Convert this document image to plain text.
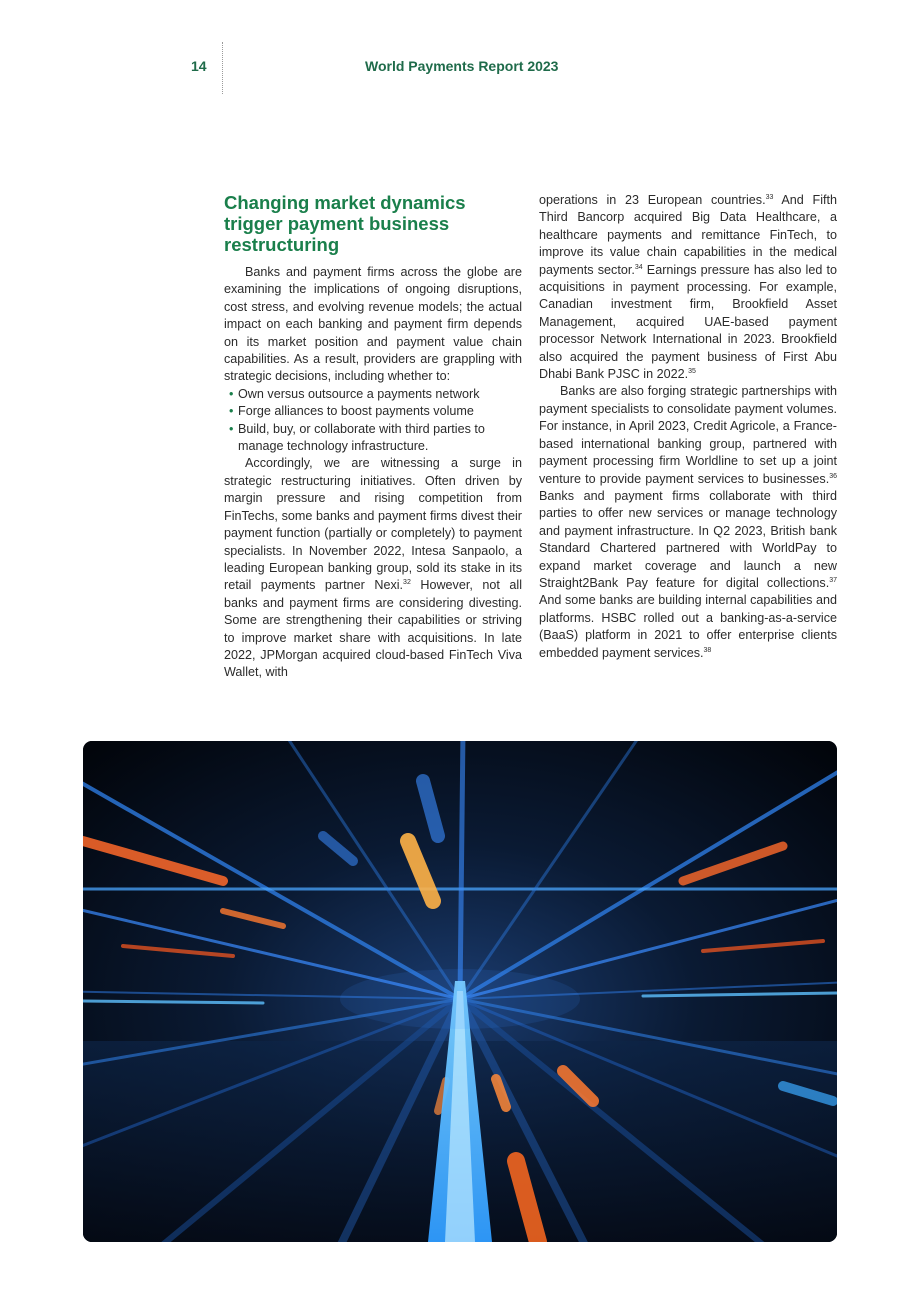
14	World Payments Report 2023
Changing market dynamics trigger payment business restructuring

Banks and payment firms across the globe are examining the implications of ongoing disruptions, cost stress, and evolving revenue models; the actual impact on each banking and payment firm depends on its market position and payment value chain capabilities. As a result, providers are grappling with strategic decisions, including whether to:

• Own versus outsource a payments network
• Forge alliances to boost payments volume
• Build, buy, or collaborate with third parties to manage technology infrastructure.

Accordingly, we are witnessing a surge in strategic restructuring initiatives. Often driven by margin pressure and rising competition from FinTechs, some banks and payment firms divest their payment function (partially or completely) to payment specialists. In November 2022, Intesa Sanpaolo, a leading European banking group, sold its stake in its retail payments partner Nexi.$^{32}$ However, not all banks and payment firms are considering divesting. Some are strengthening their capabilities or striving to improve market share with acquisitions. In late 2022, JPMorgan acquired cloud-based FinTech Viva Wallet, with

operations in 23 European countries.$^{33}$ And Fifth Third Bancorp acquired Big Data Healthcare, a healthcare payments and remittance FinTech, to improve its value chain capabilities in the medical payments sector.$^{34}$ Earnings pressure has also led to acquisitions in payment processing. For example, Canadian investment firm, Brookfield Asset Management, acquired UAE-based payment processor Network International in 2023. Brookfield also acquired the payment business of First Abu Dhabi Bank PJSC in 2022.35

Banks are also forging strategic partnerships with payment specialists to consolidate payment volumes. For instance, in April 2023, Credit Agricole, a France-based international banking group, partnered with payment processing firm Worldline to set up a joint venture to provide payment services to businesses.$^{36}$ Banks and payment firms collaborate with third parties to offer new services or manage technology and payment infrastructure. In Q2 2023, British bank Standard Chartered partnered with WorldPay to expand market coverage and launch a new Straight2Bank Pay feature for digital collections.$^{37}$ And some banks are building internal capabilities and platforms. HSBC rolled out a banking-as-a-service (BaaS) platform in 2021 to offer enterprise clients embedded payment services.$^{38}$
